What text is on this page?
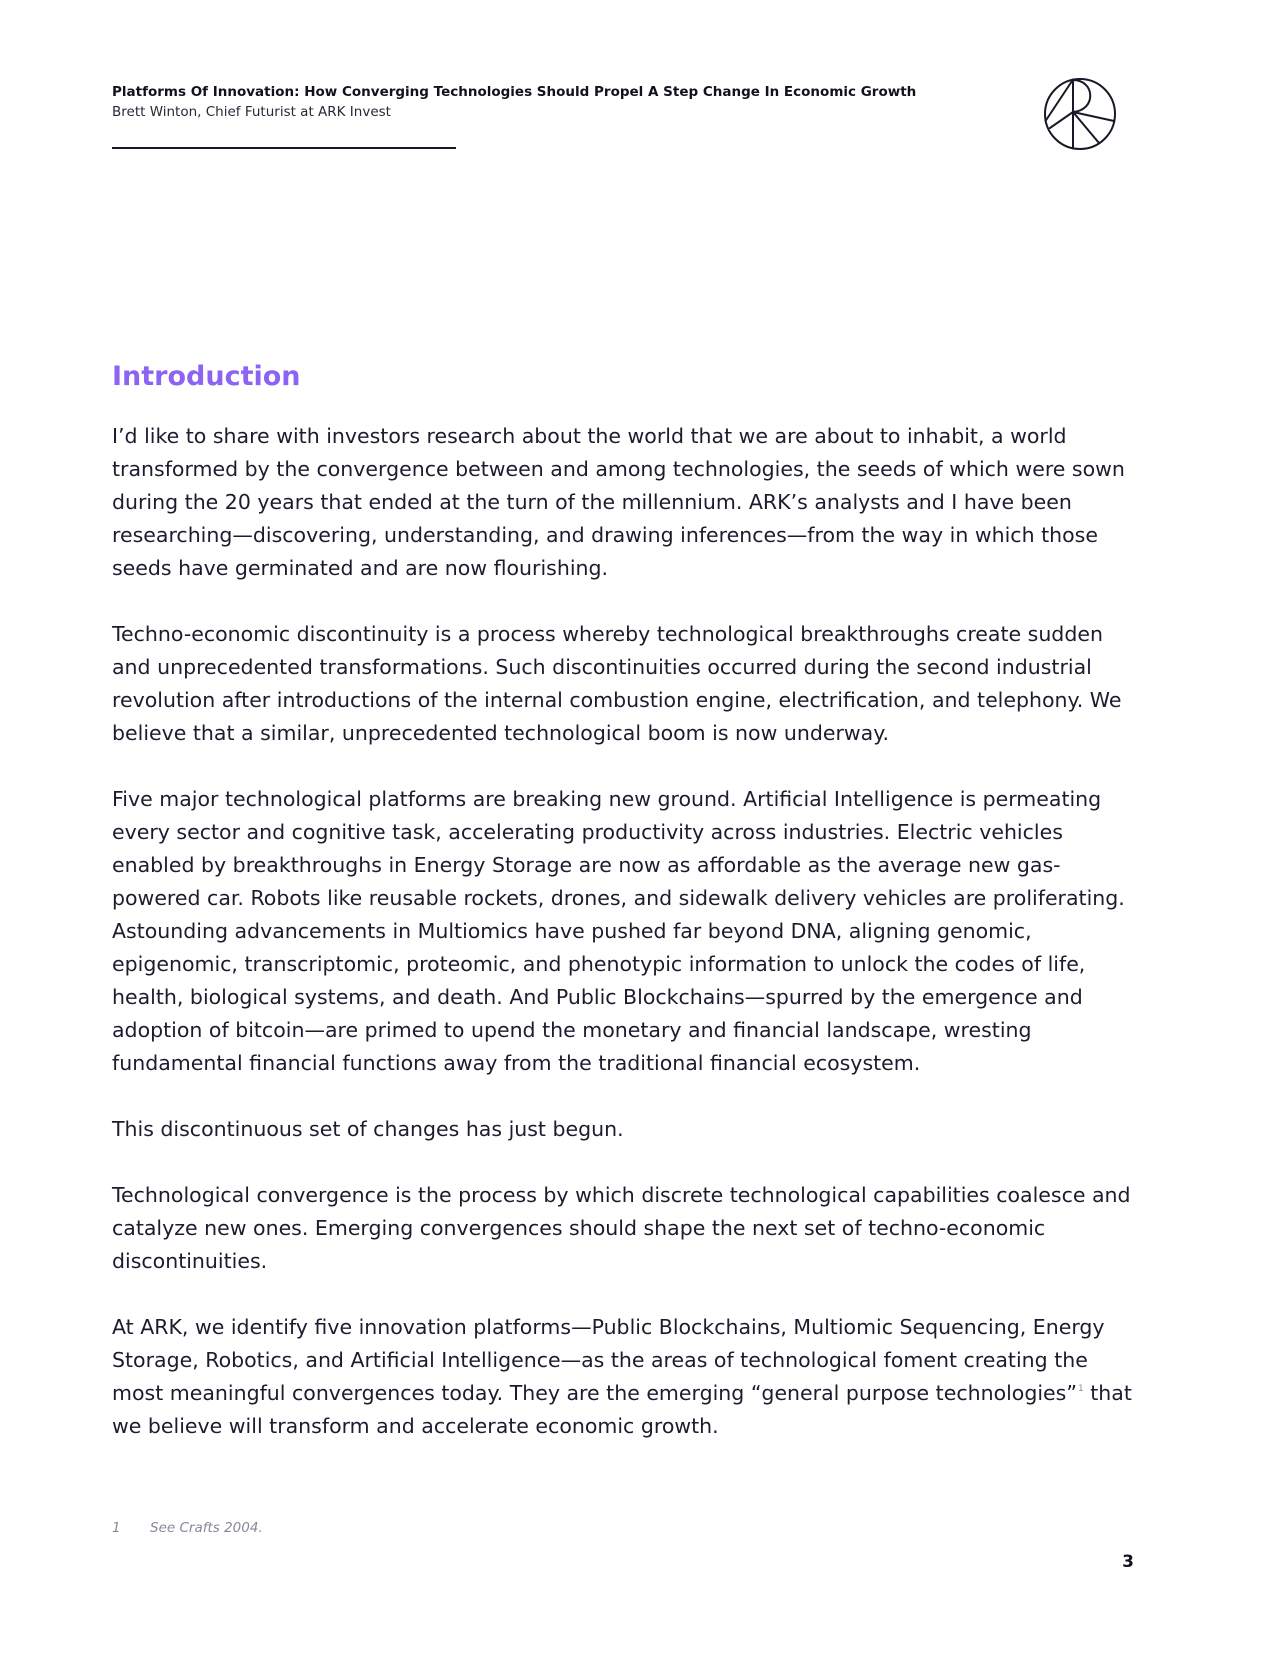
Platforms Of Innovation: How Converging Technologies Should Propel A Step Change In Economic Growth
Brett Winton, Chief Futurist at ARK Invest
Introduction

I’d like to share with investors research about the world that we are about to inhabit, a world transformed by the convergence between and among technologies, the seeds of which were sown during the 20 years that ended at the turn of the millennium. ARK’s analysts and I have been researching—discovering, understanding, and drawing inferences—from the way in which those seeds have germinated and are now flourishing.

Techno-economic discontinuity is a process whereby technological breakthroughs create sudden and unprecedented transformations. Such discontinuities occurred during the second industrial revolution after introductions of the internal combustion engine, electrification, and telephony. We believe that a similar, unprecedented technological boom is now underway.

Five major technological platforms are breaking new ground. Artificial Intelligence is permeating every sector and cognitive task, accelerating productivity across industries. Electric vehicles enabled by breakthroughs in Energy Storage are now as affordable as the average new gas-powered car. Robots like reusable rockets, drones, and sidewalk delivery vehicles are proliferating. Astounding advancements in Multiomics have pushed far beyond DNA, aligning genomic, epigenomic, transcriptomic, proteomic, and phenotypic information to unlock the codes of life, health, biological systems, and death. And Public Blockchains—spurred by the emergence and adoption of bitcoin—are primed to upend the monetary and financial landscape, wresting fundamental financial functions away from the traditional financial ecosystem.

This discontinuous set of changes has just begun.

Technological convergence is the process by which discrete technological capabilities coalesce and catalyze new ones. Emerging convergences should shape the next set of techno-economic discontinuities.

At ARK, we identify five innovation platforms—Public Blockchains, Multiomic Sequencing, Energy Storage, Robotics, and Artificial Intelligence—as the areas of technological foment creating the most meaningful convergences today. They are the emerging “general purpose technologies”$^1$ that we believe will transform and accelerate economic growth.

1 See Crafts 2004.
3
